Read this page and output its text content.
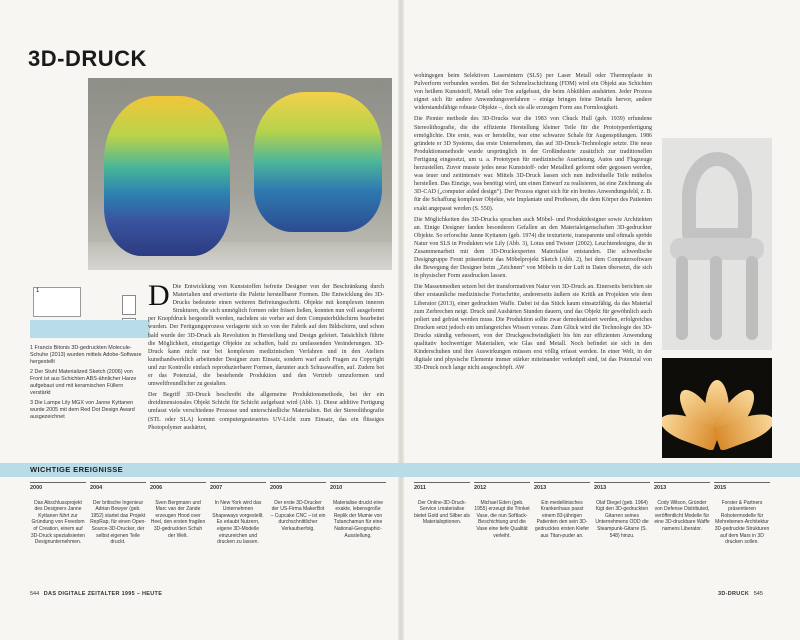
3D-DRUCK
1

1 Francis Bitonis 3D-gedruckten Molecule-Schuhe (2013) wurden mittels Adobe-Software hergestellt

2 Der Stuhl Materialized Sketch (2006) von Front ist aus Schichten ABS-ähnlicher Harze aufgebaut und mit keramischen Füllern verstärkt

3 Die Lampe Lily MGX von Janne Kyttanen wurde 2005 mit dem Red Dot Design Award ausgezeichnet

D Die Entwicklung von Kunststoffen befreite Designer von der Beschränkung durch Materialien und erweiterte die Palette herstellbarer Formen. Die Entwicklung des 3D-Drucks bedeutete einen weiteren Befreiungsschritt. Objekte mit komplexen inneren Strukturen, die sich unmöglich formen oder fräsen ließen, konnten nun voll ausgeformt per Knopfdruck hergestellt werden, nachdem sie vorher auf dem Computerbildschirm bearbeitet wurden. Der Fertigungsprozess verlagerte sich so von der Fabrik auf den Bildschirm, und schon bald wurde der 3D-Druck als Revolution in Herstellung und Design gefeiert. Tatsächlich führte die Möglichkeit, einzigartige Objekte zu schaffen, bald zu umfassenden Veränderungen. 3D-Druck kann nicht nur bei komplexen medizinischen Verfahren und in den Ateliers kunsthandwerklich arbeitender Designer zum Einsatz, sondern warf auch Fragen zu Copyright und zur Kontrolle einfach reproduzierbarer Formen, darunter auch Schusswaffen, auf. Zudem bot er das Potenzial, die bestehende Produktion und den Vertrieb umzuformen und umweltfreundlicher zu gestalten.

Der Begriff 3D-Druck beschreibt die allgemeine Produktionsmethode, bei der ein dreidimensionales Objekt Schicht für Schicht aufgebaut wird (Abb. 1). Diese additive Fertigung umfasst viele verschiedene Prozesse und unterschiedliche Materialien. Bei der Stereolithografie (STL oder SLA) kommt computergesteuertes UV-Licht zum Einsatz, das ein flüssiges Photopolymer aushärtet,

wohingegen beim Selektiven Lasersintern (SLS) per Laser Metall oder Thermoplaste in Pulverform verbunden werden. Bei der Schmelzschichtung (FDM) wird ein Objekt aus Schichten von heißem Kunststoff, Metall oder Ton aufgebaut, die beim Abkühlen aushärten. Jeder Prozess eignet sich für andere Anwendungsverfahren – einige bringen feine Details hervor, andere widerstandsfähige robuste Objekte –, doch sie alle erzeugen Form aus Formlosigkeit.

Die Pionier methode des 3D-Drucks war die 1983 von Chuck Hull (geb. 1939) erfundene Stereolithografie, die die effiziente Herstellung kleiner Teile für die Prototypenfertigung ermöglichte. Die erste, was er herstellte, war eine schwarze Schale für Augenspülungen. 1986 gründete er 3D Systems, das erste Unternehmen, das auf 3D-Druck-Technologie setzte. Die neue Produktionsmethode wurde ursprünglich in der Großindustrie zusätzlich zur traditionellen Fertigung eingesetzt, um u. a. Prototypen für medizinische Ausrüstung, Autos und Flugzeuge herzustellen. Zuvor musste jedes neue Kunststoff- oder Metallteil geformt oder gegossen werden, was teuer und zeitintensiv war. Mittels 3D-Druck lassen sich nun individuelle Teile mühelos herstellen. Das Einzige, was benötigt wird, um einen Entwurf zu realisieren, ist eine Zeichnung als 3D-CAD („computer aided design“). Der Prozess eignet sich für ein breites Anwendungsfeld, z. B. für die Schaffung komplexer Objekte, wie Implantate und Prothesen, die dem Körper des Patienten exakt angepasst werden (S. 550).

Die Möglichkeiten des 3D-Drucks sprachen auch Möbel- und Produktdesigner sowie Architekten an. Einige Designer fanden besonderen Gefallen an den Materialeigenschaften 3D-gedruckter Objekte. So erforschte Janne Kyttanen (geb. 1974) die texturierte, transparente und oftmals spröde Natur von SLS in Produkten wie Lily (Abb. 3), Lotus und Twister (2002). Leuchtendesigns, die in Zusammenarbeit mit dem 3D-Druckexperten Materialise entstanden. Die schwedische Designgruppe Front präsentierte das Möbelprojekt Sketch (Abb. 2), bei dem Computersoftware die Bewegung der Designer beim „Zeichnen“ von Möbeln in der Luft in Daten übersetzt, die sich in physischer Form ausdrucken lassen.

Die Massenmedien setzen bei der transformativen Natur von 3D-Druck an. Einerseits berichten sie über erstaunliche medizinische Fortschritte, andererseits äußern sie Kritik an Projekten wie dem Liberator (2013), einer gedruckten Waffe. Dabei ist das Stück kaum einsatzfähig, da das Material zum Zerbrechen neigt. Druck und Aushärten Stunden dauern, und das Objekt für gewöhnlich auch poliert und gefräst werden muss. Die Produktion sollte zwar demokratisiert werden, erfolgreiches Drucken setzt jedoch ein umfangreiches Wissen voraus. Zum Glück wird die Technologie des 3D-Drucks ständig verbessert, von der Druckgeschwindigkeit bis hin zur effizienten Anwendung qualitativ hochwertiger Materialien, wie Glas und Metall. Noch befindet sie sich in den Kinderschuhen und ihre Auswirkungen müssen erst völlig erfasst werden. In einer Welt, in der digitale und physische Elemente immer stärker miteinander verknüpft sind, ist das Potenzial von 3D-Druck noch lange nicht ausgeschöpft. AW

WICHTIGE EREIGNISSE
2000
Das Abschlussprojekt des Designers Janne Kyttanen führt zur Gründung von Freedom of Creation, einem auf 3D-Druck spezialisierten Designunternehmen.
2004
Der britische Ingenieur Adrian Bowyer (geb. 1952) startet das Projekt RepRap, für einen Open-Source-3D-Drucker, der selbst eigenen Teile druckt.
2006
Sven Bergmann und Marc van der Zande erzeugen Hood over Heel, den ersten fragilen 3D-gedruckten Schuh der Welt.
2007
In New York wird das Unternehmen Shapeways vorgestellt. Es erlaubt Nutzern, eigene 3D-Modelle einzureichen und drucken zu lassen.
2009
Der erste 3D-Drucker der US-Firma MakerBot – Cupcake CNC – ist ein durchschnittlicher Verkaufserfolg.
2010
Materialise druckt eine exakte, lebensgroße Replik der Mumie von Tutanchamun für eine National-Geographic-Ausstellung.
2011
Der Online-3D-Druck-Service i.materialise bietet Gold und Silber als Materialoptionen.
2012
Michael Eden (geb. 1955) erzeugt die Trinket Vase, die nun Softlack-Beschichtung und die Vase eine tiefe Qualität verleiht.
2013
Ein medellinisches Krankenhaus passt einem 83-jährigen Patienten den sein 3D-gedrucktes ersten Kiefer aus Titan-puder an.
2013
Olaf Diegel (geb. 1964) fügt den 3D-gedruckten Gitarren seines Unternehmens ODD die Steampunk-Gitarre (S. 548) hinzu.
2013
Cody Wilson, Gründer von Defense Distributed, veröffentlicht Modelle für eine 3D-druckbare Waffe namens Liberator.
2015
Forster & Partners präsentieren Robotermodelle für Mehrebenen-Architektur 3D-gedruckte Strukturen auf dem Mars in 3D drucken sollen.
544 DAS DIGITALE ZEITALTER 1995 – HEUTE	3D-DRUCK 545
